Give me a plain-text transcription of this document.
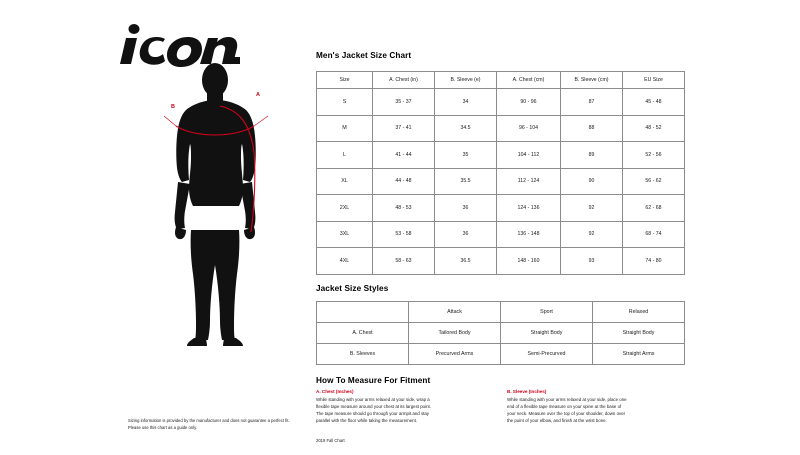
A
B
Sizing information is provided by the manufacturer and does not guarantee a perfect fit.
Please use this chart as a guide only.
Men's Jacket Size Chart
Size	A. Chest (in)	B. Sleeve (e)	A. Chest (cm)	B. Sleeve (cm)	EU Size
S	35 - 37	34	90 - 96	87	45 - 48
M	37 - 41	34.5	96 - 104	88	48 - 52
L	41 - 44	35	104 - 112	89	52 - 56
XL	44 - 48	35.5	112 - 124	90	56 - 62
2XL	48 - 53	36	124 - 136	92	62 - 68
3XL	53 - 58	36	136 - 148	92	68 - 74
4XL	58 - 63	36.5	148 - 160	93	74 - 80
Jacket Size Styles
	Attack	Sport	Relaxed
A. Chest	Tailored Body	Straight Body	Straight Body
B. Sleeves	Precurved Arms	Semi-Precurved	Straight Arms
How To Measure For Fitment
A. Chest (Inches)
While standing with your arms relaxed at your side, wrap a
flexible tape measure around your chest at its largest point.
The tape measure should go through your armpit and stay
parallel with the floor while taking the measurement.
B. Sleeve (Inches)
While standing with your arms relaxed at your side, place one
end of a flexible tape measure on your spine at the base of
your neck. Measure over the top of your shoulder, down over
the point of your elbow, and finish at the wrist bone.
2019 Fall Chart
